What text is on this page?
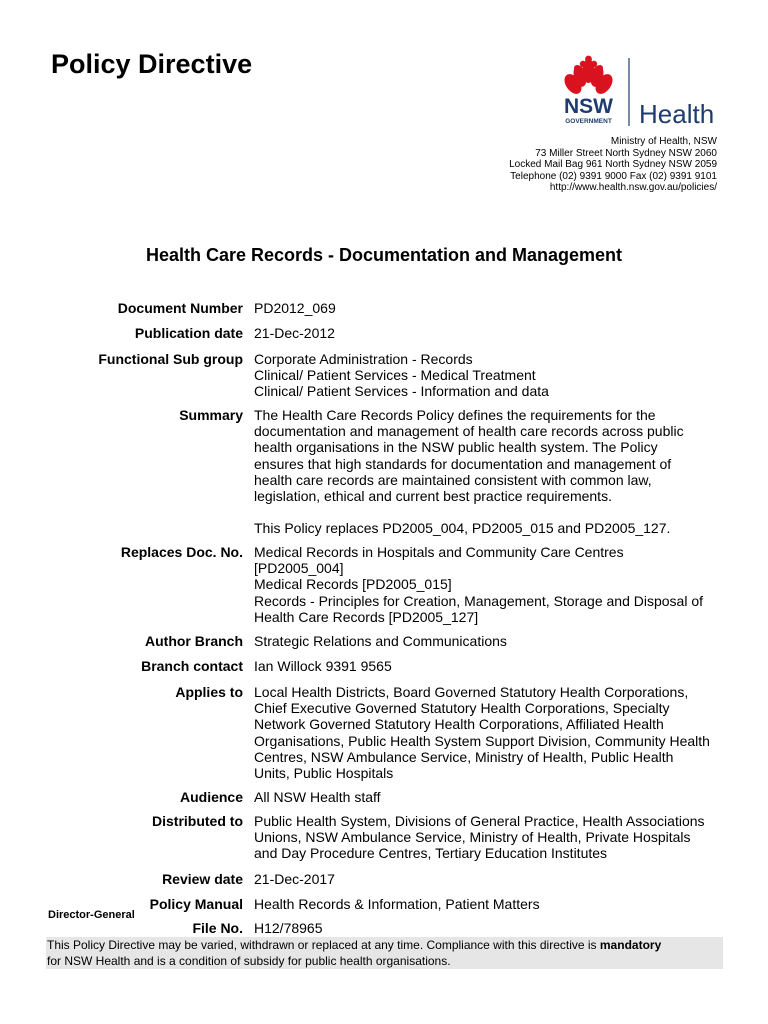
Policy Directive
NSW
GOVERNMENT Health
Ministry of Health, NSW
73 Miller Street North Sydney NSW 2060
Locked Mail Bag 961 North Sydney NSW 2059
Telephone (02) 9391 9000 Fax (02) 9391 9101
http://www.health.nsw.gov.au/policies/
Health Care Records - Documentation and Management
Document Number PD2012_069
Publication date 21-Dec-2012
Functional Sub group Corporate Administration - Records
Clinical/ Patient Services - Medical Treatment
Clinical/ Patient Services - Information and data
Summary The Health Care Records Policy defines the requirements for the
documentation and management of health care records across public
health organisations in the NSW public health system. The Policy
ensures that high standards for documentation and management of
health care records are maintained consistent with common law,
legislation, ethical and current best practice requirements.
This Policy replaces PD2005_004, PD2005_015 and PD2005_127.
Replaces Doc. No. Medical Records in Hospitals and Community Care Centres
[PD2005_004]
Medical Records [PD2005_015]
Records - Principles for Creation, Management, Storage and Disposal of
Health Care Records [PD2005_127]
Author Branch Strategic Relations and Communications
Branch contact Ian Willock 9391 9565
Applies to Local Health Districts, Board Governed Statutory Health Corporations,
Chief Executive Governed Statutory Health Corporations, Specialty
Network Governed Statutory Health Corporations, Affiliated Health
Organisations, Public Health System Support Division, Community Health
Centres, NSW Ambulance Service, Ministry of Health, Public Health
Units, Public Hospitals
Audience All NSW Health staff
Distributed to Public Health System, Divisions of General Practice, Health Associations
Unions, NSW Ambulance Service, Ministry of Health, Private Hospitals
and Day Procedure Centres, Tertiary Education Institutes
Review date 21-Dec-2017
Policy Manual Health Records & Information, Patient Matters
Director-General
File No. H12/78965
This Policy Directive may be varied, withdrawn or replaced at any time. Compliance with this directive is mandatory
for NSW Health and is a condition of subsidy for public health organisations.
